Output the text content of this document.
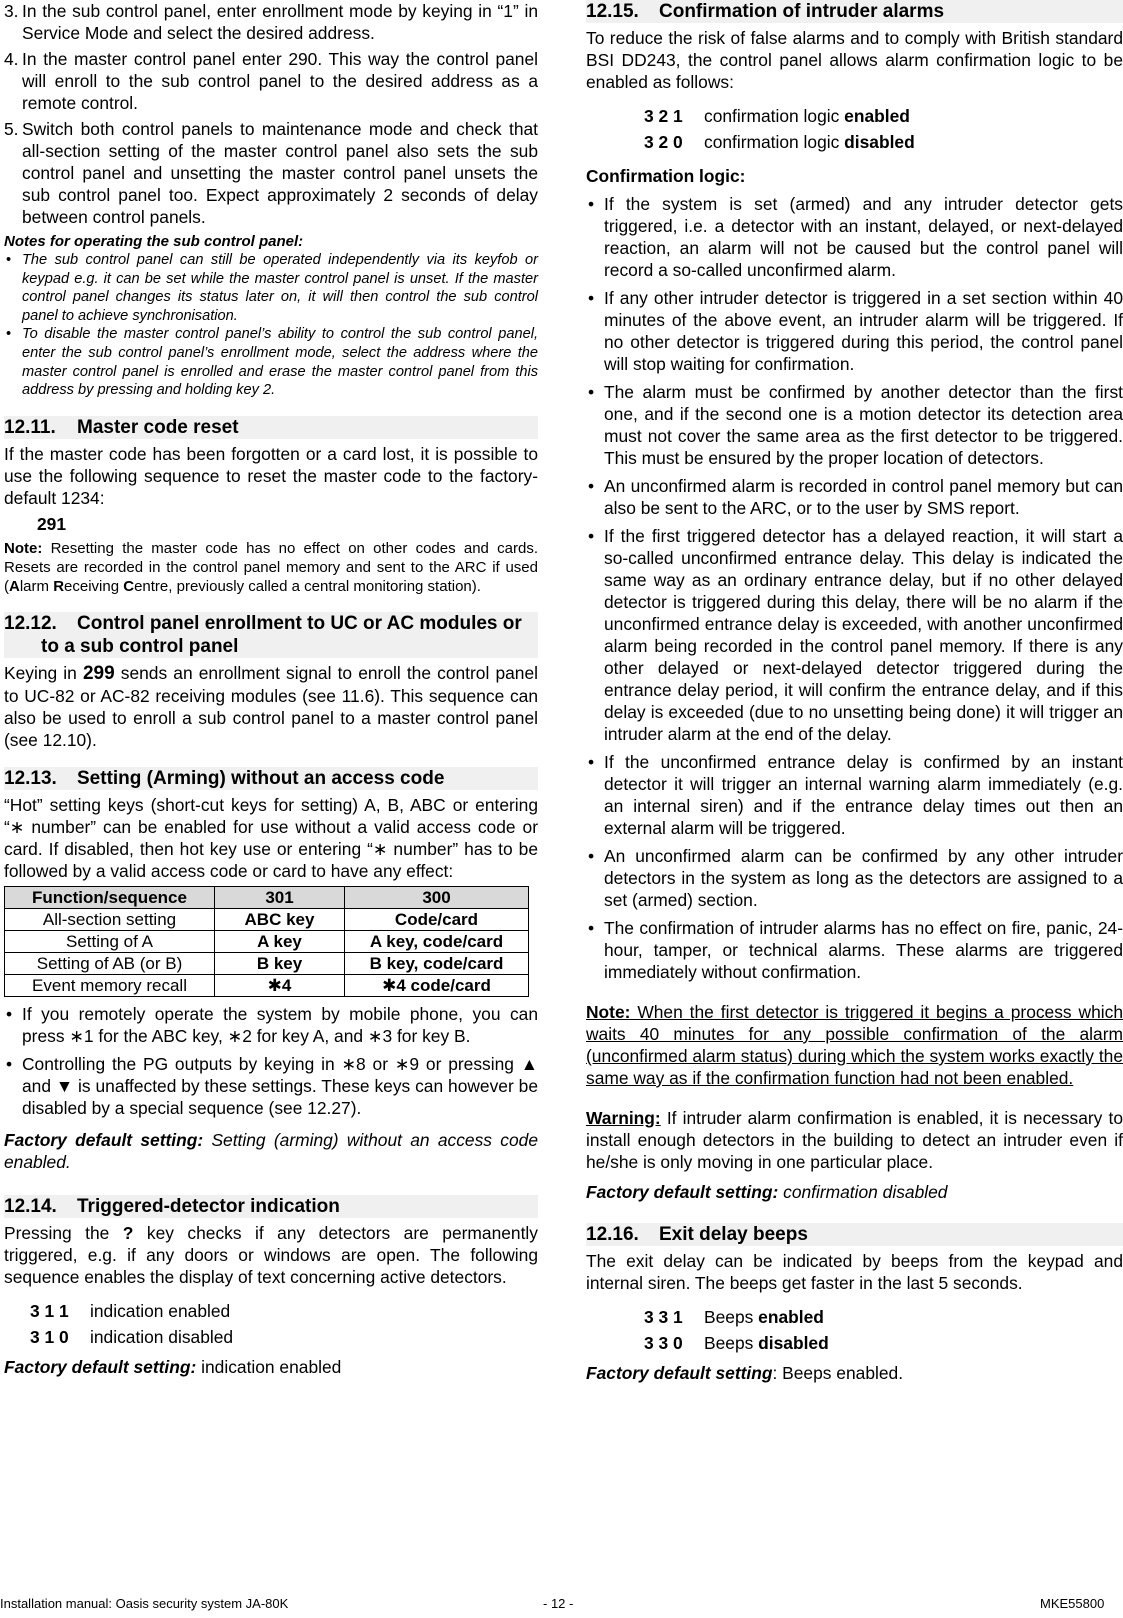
3. In the sub control panel, enter enrollment mode by keying in “1” in Service Mode and select the desired address.
4. In the master control panel enter 290. This way the control panel will enroll to the sub control panel to the desired address as a remote control.
5. Switch both control panels to maintenance mode and check that all-section setting of the master control panel also sets the sub control panel and unsetting the master control panel unsets the sub control panel too. Expect approximately 2 seconds of delay between control panels.

Notes for operating the sub control panel:

• The sub control panel can still be operated independently via its keyfob or keypad e.g. it can be set while the master control panel is unset. If the master control panel changes its status later on, it will then control the sub control panel to achieve synchronisation.
• To disable the master control panel’s ability to control the sub control panel, enter the sub control panel’s enrollment mode, select the address where the master control panel is enrolled and erase the master control panel from this address by pressing and holding key 2.
12.11. Master code reset

If the master code has been forgotten or a card lost, it is possible to use the following sequence to reset the master code to the factory-default 1234:

291

Note: Resetting the master code has no effect on other codes and cards. Resets are recorded in the control panel memory and sent to the ARC if used (Alarm Receiving Centre, previously called a central monitoring station).

12.12. Control panel enrollment to UC or AC modules or to a sub control panel

Keying in 299 sends an enrollment signal to enroll the control panel to UC-82 or AC-82 receiving modules (see 11.6). This sequence can also be used to enroll a sub control panel to a master control panel (see 12.10).

12.13. Setting (Arming) without an access code

“Hot” setting keys (short-cut keys for setting) A, B, ABC or entering “∗ number” can be enabled for use without a valid access code or card. If disabled, then hot key use or entering “∗ number” has to be followed by a valid access code or card to have any effect:

Function/sequence	301	300
All-section setting	ABC key	Code/card
Setting of A	A key	A key, code/card
Setting of AB (or B)	B key	B key, code/card
Event memory recall	✱4	✱4 code/card
• If you remotely operate the system by mobile phone, you can press ∗1 for the ABC key, ∗2 for key A, and ∗3 for key B.
• Controlling the PG outputs by keying in ∗8 or ∗9 or pressing ▲ and ▼ is unaffected by these settings. These keys can however be disabled by a special sequence (see 12.27).

Factory default setting: Setting (arming) without an access code enabled.

12.14. Triggered-detector indication

Pressing the ? key checks if any detectors are permanently triggered, e.g. if any doors or windows are open. The following sequence enables the display of text concerning active detectors.

3 1 1	indication enabled
3 1 0	indication disabled

Factory default setting: indication enabled

12.15. Confirmation of intruder alarms

To reduce the risk of false alarms and to comply with British standard BSI DD243, the control panel allows alarm confirmation logic to be enabled as follows:

3 2 1	confirmation logic enabled
3 2 0	confirmation logic disabled

Confirmation logic:

• If the system is set (armed) and any intruder detector gets triggered, i.e. a detector with an instant, delayed, or next-delayed reaction, an alarm will not be caused but the control panel will record a so-called unconfirmed alarm.
• If any other intruder detector is triggered in a set section within 40 minutes of the above event, an intruder alarm will be triggered. If no other detector is triggered during this period, the control panel will stop waiting for confirmation.
• The alarm must be confirmed by another detector than the first one, and if the second one is a motion detector its detection area must not cover the same area as the first detector to be triggered. This must be ensured by the proper location of detectors.
• An unconfirmed alarm is recorded in control panel memory but can also be sent to the ARC, or to the user by SMS report.
• If the first triggered detector has a delayed reaction, it will start a so-called unconfirmed entrance delay. This delay is indicated the same way as an ordinary entrance delay, but if no other delayed detector is triggered during this delay, there will be no alarm if the unconfirmed entrance delay is exceeded, with another unconfirmed alarm being recorded in the control panel memory. If there is any other delayed or next-delayed detector triggered during the entrance delay period, it will confirm the entrance delay, and if this delay is exceeded (due to no unsetting being done) it will trigger an intruder alarm at the end of the delay.
• If the unconfirmed entrance delay is confirmed by an instant detector it will trigger an internal warning alarm immediately (e.g. an internal siren) and if the entrance delay times out then an external alarm will be triggered.
• An unconfirmed alarm can be confirmed by any other intruder detectors in the system as long as the detectors are assigned to a set (armed) section.
• The confirmation of intruder alarms has no effect on fire, panic, 24-hour, tamper, or technical alarms. These alarms are triggered immediately without confirmation.

Note: When the first detector is triggered it begins a process which waits 40 minutes for any possible confirmation of the alarm (unconfirmed alarm status) during which the system works exactly the same way as if the confirmation function had not been enabled.

Warning: If intruder alarm confirmation is enabled, it is necessary to install enough detectors in the building to detect an intruder even if he/she is only moving in one particular place.

Factory default setting: confirmation disabled

12.16. Exit delay beeps

The exit delay can be indicated by beeps from the keypad and internal siren. The beeps get faster in the last 5 seconds.

3 3 1	Beeps enabled
3 3 0	Beeps disabled

Factory default setting: Beeps enabled.

Installation manual: Oasis security system JA-80K	- 12 -	MKE55800
